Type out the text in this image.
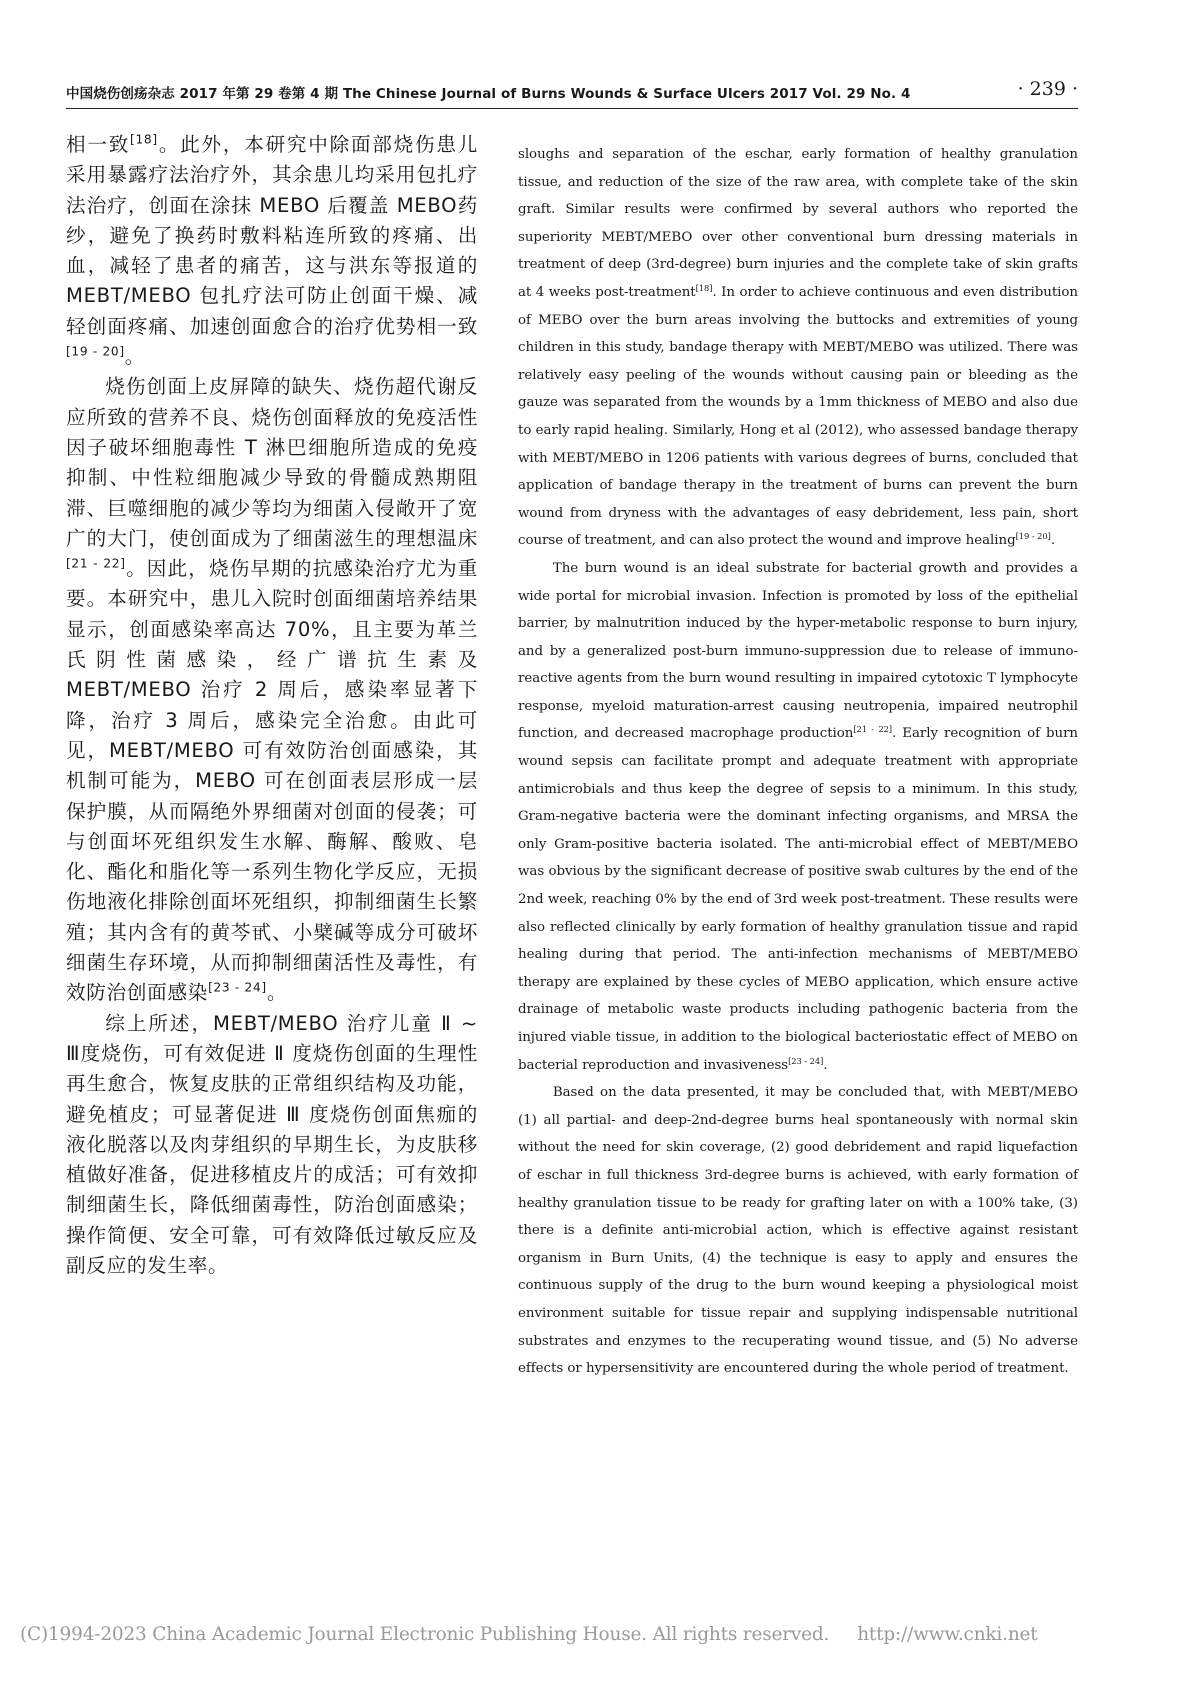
中国烧伤创疡杂志 2017 年第 29 卷第 4 期 The Chinese Journal of Burns Wounds & Surface Ulcers 2017 Vol. 29 No. 4	· 239 ·

相一致[18]。此外，本研究中除面部烧伤患儿采用暴露疗法治疗外，其余患儿均采用包扎疗法治疗，创面在涂抹 MEBO 后覆盖 MEBO药纱，避免了换药时敷料粘连所致的疼痛、出血，减轻了患者的痛苦，这与洪东等报道的 MEBT/MEBO 包扎疗法可防止创面干燥、减轻创面疼痛、加速创面愈合的治疗优势相一致[19 - 20]。

烧伤创面上皮屏障的缺失、烧伤超代谢反应所致的营养不良、烧伤创面释放的免疫活性因子破坏细胞毒性 T 淋巴细胞所造成的免疫抑制、中性粒细胞减少导致的骨髓成熟期阻滞、巨噬细胞的减少等均为细菌入侵敞开了宽广的大门，使创面成为了细菌滋生的理想温床[21 - 22]。因此，烧伤早期的抗感染治疗尤为重要。本研究中，患儿入院时创面细菌培养结果显示，创面感染率高达 70%，且主要为革兰氏阴性菌感染，经广谱抗生素及 MEBT/MEBO 治疗 2 周后，感染率显著下降，治疗 3 周后，感染完全治愈。由此可见，MEBT/MEBO 可有效防治创面感染，其机制可能为，MEBO 可在创面表层形成一层保护膜，从而隔绝外界细菌对创面的侵袭；可与创面坏死组织发生水解、酶解、酸败、皂化、酯化和脂化等一系列生物化学反应，无损伤地液化排除创面坏死组织，抑制细菌生长繁殖；其内含有的黄芩甙、小檗碱等成分可破坏细菌生存环境，从而抑制细菌活性及毒性，有效防治创面感染[23 - 24]。

综上所述，MEBT/MEBO 治疗儿童 Ⅱ ~ Ⅲ度烧伤，可有效促进 Ⅱ 度烧伤创面的生理性再生愈合，恢复皮肤的正常组织结构及功能，避免植皮；可显著促进 Ⅲ 度烧伤创面焦痂的液化脱落以及肉芽组织的早期生长，为皮肤移植做好准备，促进移植皮片的成活；可有效抑制细菌生长，降低细菌毒性，防治创面感染；操作简便、安全可靠，可有效降低过敏反应及副反应的发生率。

sloughs and separation of the eschar, early formation of healthy granulation tissue, and reduction of the size of the raw area, with complete take of the skin graft. Similar results were confirmed by several authors who reported the superiority MEBT/MEBO over other conventional burn dressing materials in treatment of deep (3rd-degree) burn injuries and the complete take of skin grafts at 4 weeks post-treatment[18]. In order to achieve continuous and even distribution of MEBO over the burn areas involving the buttocks and extremities of young children in this study, bandage therapy with MEBT/MEBO was utilized. There was relatively easy peeling of the wounds without causing pain or bleeding as the gauze was separated from the wounds by a 1mm thickness of MEBO and also due to early rapid healing. Similarly, Hong et al (2012), who assessed bandage therapy with MEBT/MEBO in 1206 patients with various degrees of burns, concluded that application of bandage therapy in the treatment of burns can prevent the burn wound from dryness with the advantages of easy debridement, less pain, short course of treatment, and can also protect the wound and improve healing[19 - 20].

The burn wound is an ideal substrate for bacterial growth and provides a wide portal for microbial invasion. Infection is promoted by loss of the epithelial barrier, by malnutrition induced by the hyper-metabolic response to burn injury, and by a generalized post-burn immuno-suppression due to release of immuno-reactive agents from the burn wound resulting in impaired cytotoxic T lymphocyte response, myeloid maturation-arrest causing neutropenia, impaired neutrophil function, and decreased macrophage production[21 - 22]. Early recognition of burn wound sepsis can facilitate prompt and adequate treatment with appropriate antimicrobials and thus keep the degree of sepsis to a minimum. In this study, Gram-negative bacteria were the dominant infecting organisms, and MRSA the only Gram-positive bacteria isolated. The anti-microbial effect of MEBT/MEBO was obvious by the significant decrease of positive swab cultures by the end of the 2nd week, reaching 0% by the end of 3rd week post-treatment. These results were also reflected clinically by early formation of healthy granulation tissue and rapid healing during that period. The anti-infection mechanisms of MEBT/MEBO therapy are explained by these cycles of MEBO application, which ensure active drainage of metabolic waste products including pathogenic bacteria from the injured viable tissue, in addition to the biological bacteriostatic effect of MEBO on bacterial reproduction and invasiveness[23 - 24].

Based on the data presented, it may be concluded that, with MEBT/MEBO (1) all partial- and deep-2nd-degree burns heal spontaneously with normal skin without the need for skin coverage, (2) good debridement and rapid liquefaction of eschar in full thickness 3rd-degree burns is achieved, with early formation of healthy granulation tissue to be ready for grafting later on with a 100% take, (3) there is a definite anti-microbial action, which is effective against resistant organism in Burn Units, (4) the technique is easy to apply and ensures the continuous supply of the drug to the burn wound keeping a physiological moist environment suitable for tissue repair and supplying indispensable nutritional substrates and enzymes to the recuperating wound tissue, and (5) No adverse effects or hypersensitivity are encountered during the whole period of treatment.

(C)1994-2023 China Academic Journal Electronic Publishing House. All rights reserved. http://www.cnki.net
